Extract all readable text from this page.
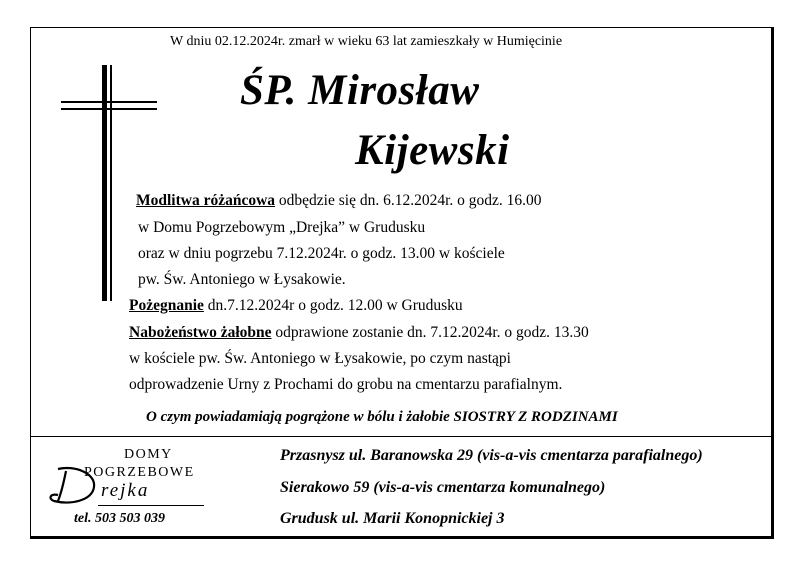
W dniu 02.12.2024r. zmarł w wieku 63 lat zamieszkały w Humięcinie
ŚP. Mirosław
Kijewski
Modlitwa różańcowa odbędzie się dn. 6.12.2024r. o godz. 16.00
w Domu Pogrzebowym „Drejka” w Grudusku
oraz w dniu pogrzebu 7.12.2024r. o godz. 13.00 w kościele
pw. Św. Antoniego w Łysakowie.
Pożegnanie dn.7.12.2024r o godz. 12.00 w Grudusku
Nabożeństwo żałobne odprawione zostanie dn. 7.12.2024r. o godz. 13.30
w kościele pw. Św. Antoniego w Łysakowie, po czym nastąpi
odprowadzenie Urny z Prochami do grobu na cmentarzu parafialnym.
O czym powiadamiają pogrążone w bólu i żałobie SIOSTRY Z RODZINAMI
DOMY
POGRZEBOWE
rejka
tel. 503 503 039
Przasnysz ul. Baranowska 29 (vis-a-vis cmentarza parafialnego)
Sierakowo 59 (vis-a-vis cmentarza komunalnego)
Grudusk ul. Marii Konopnickiej 3
